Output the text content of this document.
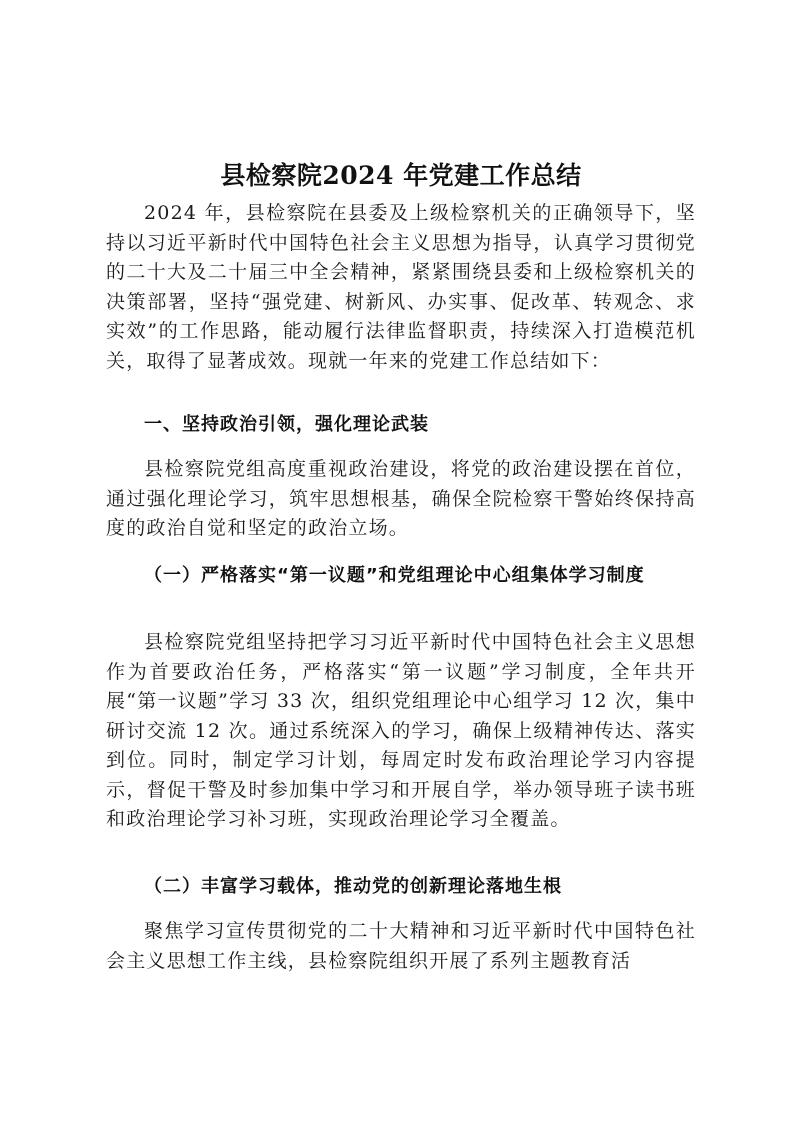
县检察院2024 年党建工作总结

2024 年，县检察院在县委及上级检察机关的正确领导下，坚持以习近平新时代中国特色社会主义思想为指导，认真学习贯彻党的二十大及二十届三中全会精神，紧紧围绕县委和上级检察机关的决策部署，坚持“强党建、树新风、办实事、促改革、转观念、求实效”的工作思路，能动履行法律监督职责，持续深入打造模范机关，取得了显著成效。现就一年来的党建工作总结如下：

一、坚持政治引领，强化理论武装

县检察院党组高度重视政治建设，将党的政治建设摆在首位，通过强化理论学习，筑牢思想根基，确保全院检察干警始终保持高度的政治自觉和坚定的政治立场。

（一）严格落实“第一议题”和党组理论中心组集体学习制度

县检察院党组坚持把学习习近平新时代中国特色社会主义思想作为首要政治任务，严格落实“第一议题”学习制度，全年共开展“第一议题”学习 33 次，组织党组理论中心组学习 12 次，集中研讨交流 12 次。通过系统深入的学习，确保上级精神传达、落实到位。同时，制定学习计划，每周定时发布政治理论学习内容提示，督促干警及时参加集中学习和开展自学，举办领导班子读书班和政治理论学习补习班，实现政治理论学习全覆盖。

（二）丰富学习载体，推动党的创新理论落地生根

聚焦学习宣传贯彻党的二十大精神和习近平新时代中国特色社会主义思想工作主线，县检察院组织开展了系列主题教育活
